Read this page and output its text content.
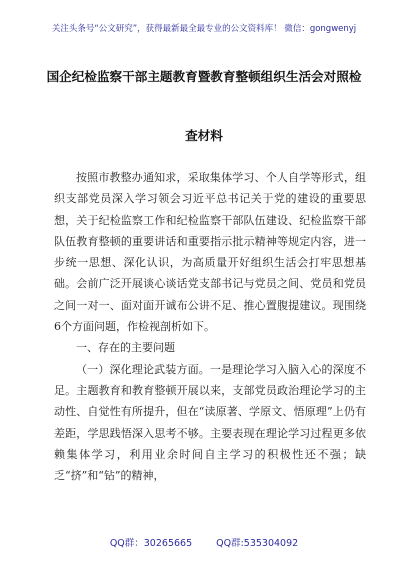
关注头条号“公文研究”，获得最新最全最专业的公文资料库！ 微信：gongwenyj
国企纪检监察干部主题教育暨教育整顿组织生活会对照检
查材料

按照市教整办通知求，采取集体学习、个人自学等形式，组织支部党员深入学习领会习近平总书记关于党的建设的重要思想，关于纪检监察工作和纪检监察干部队伍建设、纪检监察干部队伍教育整顿的重要讲话和重要指示批示精神等规定内容，进一步统一思想、深化认识，为高质量开好组织生活会打牢思想基础。会前广泛开展谈心谈话党支部书记与党员之间、党员和党员之间一对一、面对面开诚布公讲不足、推心置腹提建议。现围绕6个方面问题，作检视剖析如下。

一、存在的主要问题

（一）深化理论武装方面。一是理论学习入脑入心的深度不足。主题教育和教育整顿开展以来，支部党员政治理论学习的主动性、自觉性有所提升，但在“读原著、学原文、悟原理”上仍有差距，学思践悟深入思考不够。主要表现在理论学习过程更多依赖集体学习，利用业余时间自主学习的积极性还不强；缺乏“挤”和“钻”的精神，

QQ群：30265665	QQ群:535304092
